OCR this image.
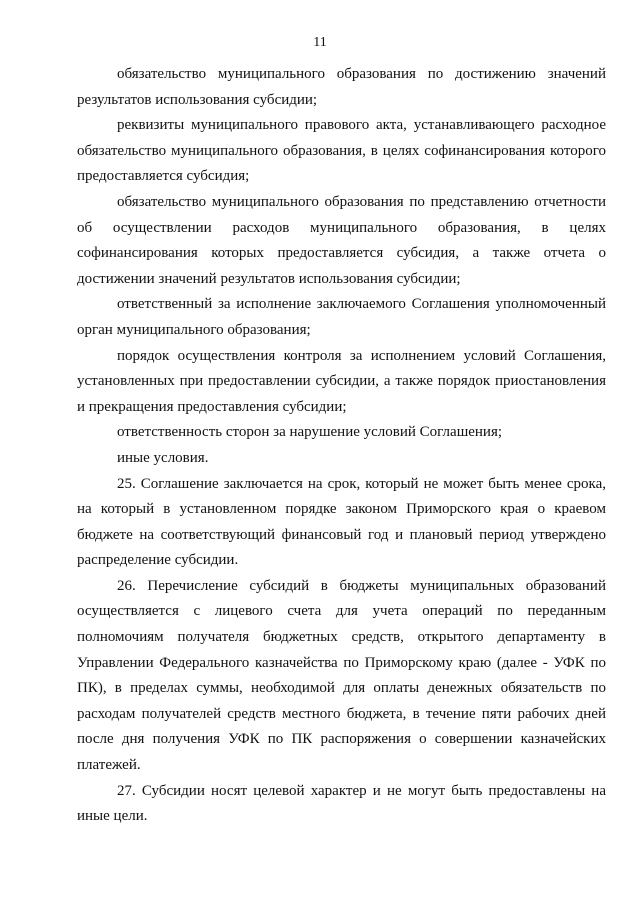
11

обязательство муниципального образования по достижению значений результатов использования субсидии;

реквизиты муниципального правового акта, устанавливающего расходное обязательство муниципального образования, в целях софинансирования которого предоставляется субсидия;

обязательство муниципального образования по представлению отчетности об осуществлении расходов муниципального образования, в целях софинансирования которых предоставляется субсидия, а также отчета о достижении значений результатов использования субсидии;

ответственный за исполнение заключаемого Соглашения уполномоченный орган муниципального образования;

порядок осуществления контроля за исполнением условий Соглашения, установленных при предоставлении субсидии, а также порядок приостановления и прекращения предоставления субсидии;

ответственность сторон за нарушение условий Соглашения;

иные условия.

25. Соглашение заключается на срок, который не может быть менее срока, на который в установленном порядке законом Приморского края о краевом бюджете на соответствующий финансовый год и плановый период утверждено распределение субсидии.

26. Перечисление субсидий в бюджеты муниципальных образований осуществляется с лицевого счета для учета операций по переданным полномочиям получателя бюджетных средств, открытого департаменту в Управлении Федерального казначейства по Приморскому краю (далее - УФК по ПК), в пределах суммы, необходимой для оплаты денежных обязательств по расходам получателей средств местного бюджета, в течение пяти рабочих дней после дня получения УФК по ПК распоряжения о совершении казначейских платежей.

27. Субсидии носят целевой характер и не могут быть предоставлены на иные цели.
